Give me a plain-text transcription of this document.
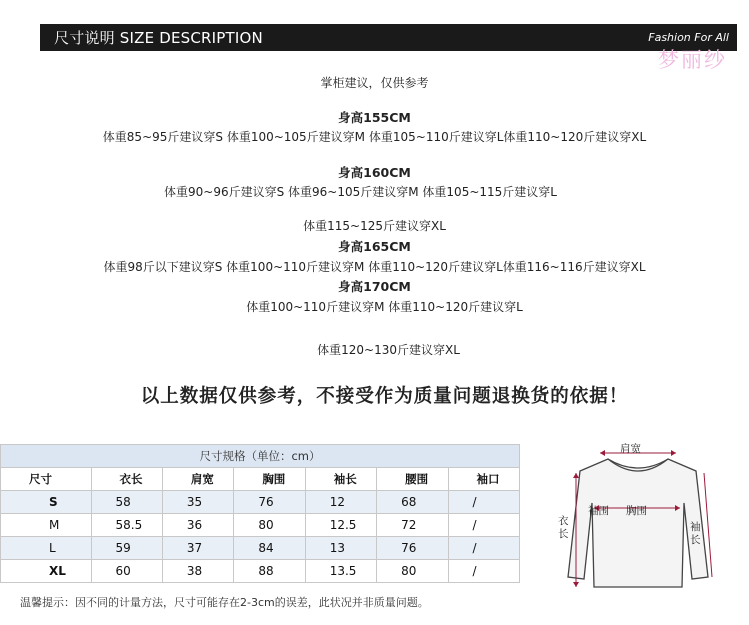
尺寸说明 SIZE DESCRIPTION	Fashion For All
梦丽纱
掌柜建议，仅供参考
身高155CM
体重85~95斤建议穿S 体重100~105斤建议穿M 体重105~110斤建议穿L体重110~120斤建议穿XL
身高160CM
体重90~96斤建议穿S 体重96~105斤建议穿M 体重105~115斤建议穿L
体重115~125斤建议穿XL
身高165CM
体重98斤以下建议穿S 体重100~110斤建议穿M 体重110~120斤建议穿L体重116~116斤建议穿XL
身高170CM
体重100~110斤建议穿M 体重110~120斤建议穿L
体重120~130斤建议穿XL
以上数据仅供参考，不接受作为质量问题退换货的依据！
尺寸规格（单位：cm）						
尺寸	衣长	肩宽	胸围	袖长	腰围	袖口
S	58	35	76	12	68	/
M	58.5	36	80	12.5	72	/
L	59	37	84	13	76	/
XL	60	38	88	13.5	80	/
温馨提示：因不同的计量方法，尺寸可能存在2-3cm的误差，此状况并非质量问题。
肩宽
袖围 胸围
衣长
袖长
